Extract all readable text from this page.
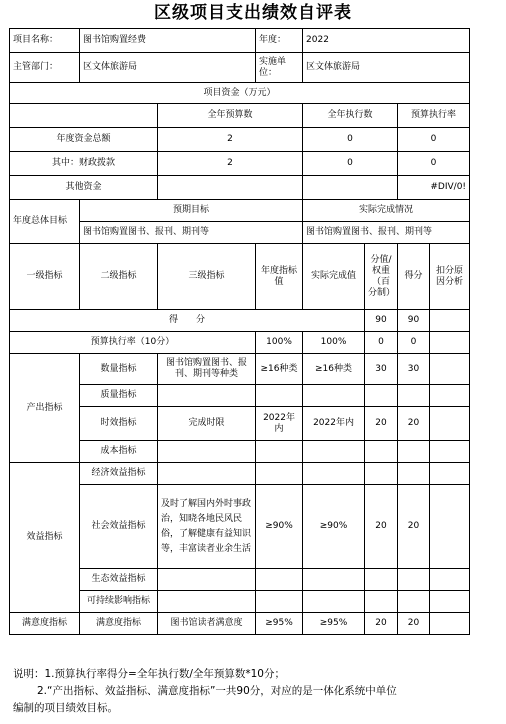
区级项目支出绩效自评表
项目名称：	图书馆购置经费		年度：	2022			
主管部门：	区文体旅游局		实施单位：	区文体旅游局			
项目资金（万元）							
		全年预算数		全年执行数		预算执行率	
年度资金总额		2		0		0	
其中：财政拨款		2		0		0	
其他资金						#DIV/0!	
年度总体目标	预期目标			实际完成情况			
	图书馆购置图书、报刊、期刊等			图书馆购置图书、报刊、期刊等			
一级指标	二级指标	三级指标	年度指标值	实际完成值	分值/权重（百分制）	得分	扣分原因分析
得　　分					90	90	
预算执行率（10分）			100%	100%	0	0	
产出指标	数量指标	图书馆购置图书、报刊、期刊等种类	≥16种类	≥16种类	30	30	
	质量指标						
	时效指标	完成时限	2022年内	2022年内	20	20	
	成本指标						
效益指标	经济效益指标						
	社会效益指标	及时了解国内外时事政治，知晓各地民风民俗，了解健康有益知识等，丰富读者业余生活	≥90%	≥90%	20	20	
	生态效益指标						
	可持续影响指标						
满意度指标	满意度指标	图书馆读者满意度	≥95%	≥95%	20	20	
说明：1.预算执行率得分=全年执行数/全年预算数*10分；
2.“产出指标、效益指标、满意度指标”一共90分，对应的是一体化系统中单位
编制的项目绩效目标。
